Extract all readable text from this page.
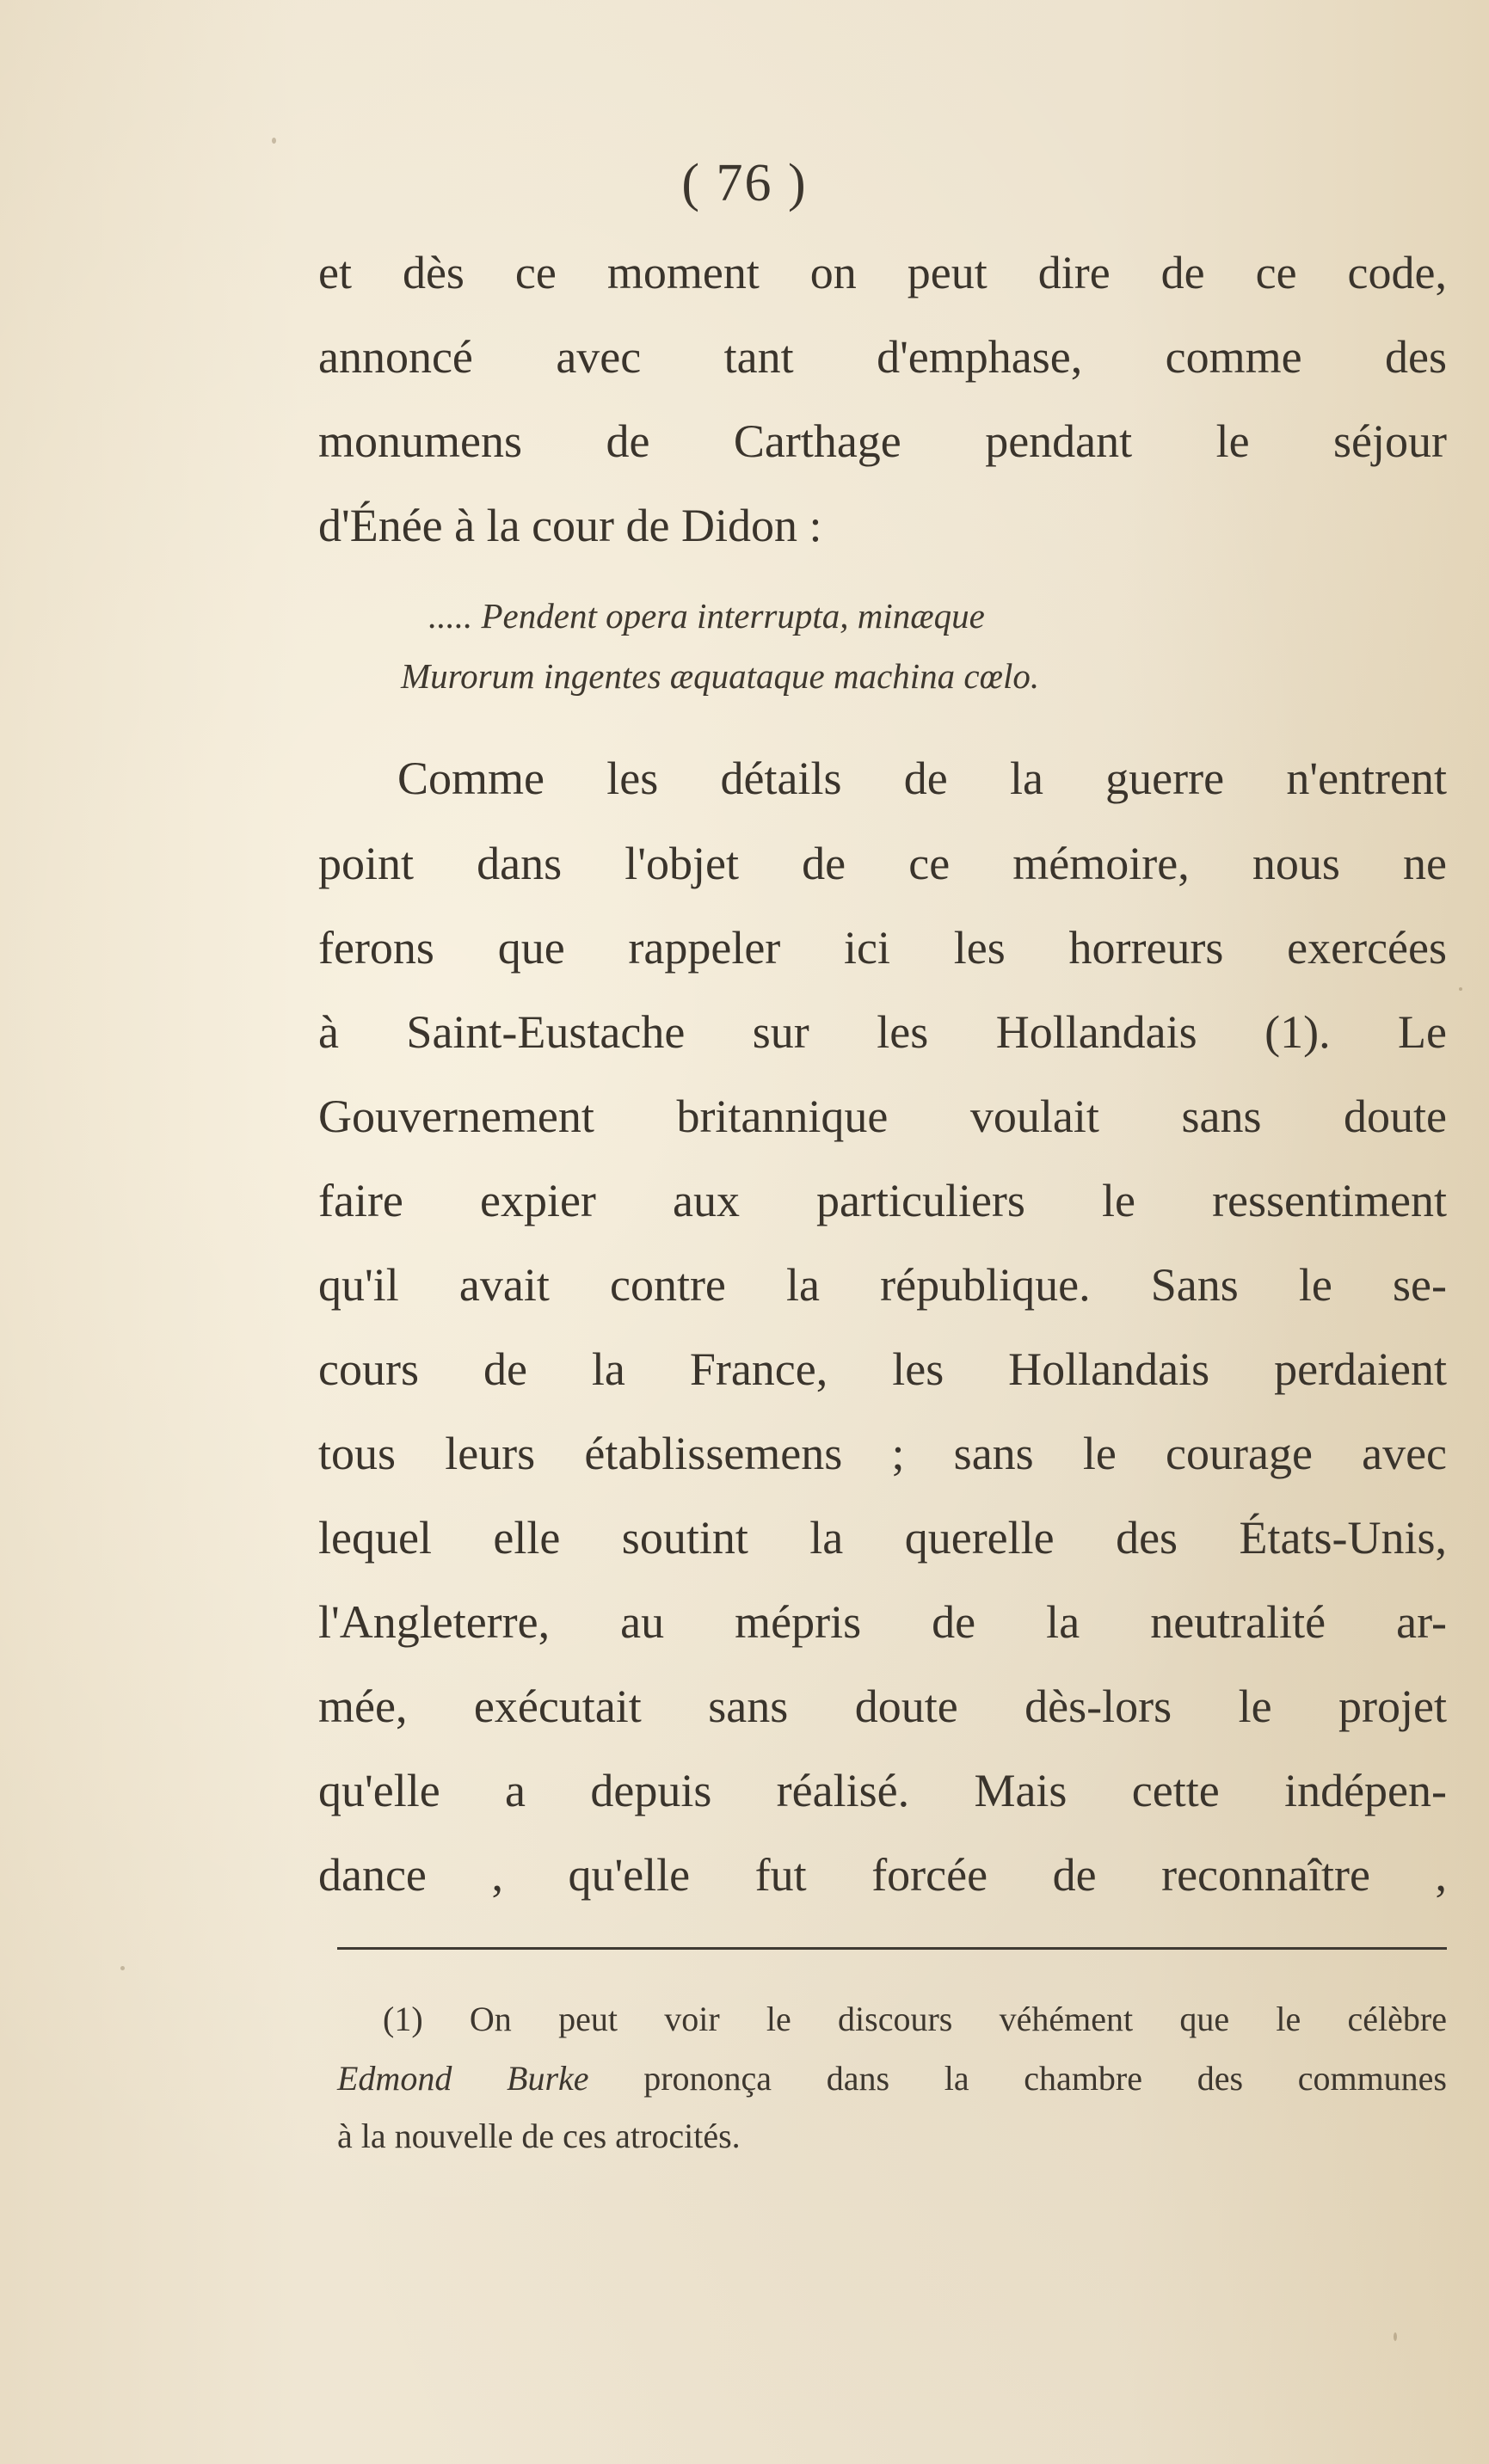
( 76 )
et dès ce moment on peut dire de ce code,
annoncé avec tant d'emphase, comme des
monumens de Carthage pendant le séjour
d'Énée à la cour de Didon :
..... Pendent opera interrupta, minæque
Murorum ingentes æquataque machina cœlo.
Comme les détails de la guerre n'entrent
point dans l'objet de ce mémoire, nous ne
ferons que rappeler ici les horreurs exercées
à Saint-Eustache sur les Hollandais (1). Le
Gouvernement britannique voulait sans doute
faire expier aux particuliers le ressentiment
qu'il avait contre la république. Sans le se-
cours de la France, les Hollandais perdaient
tous leurs établissemens ; sans le courage avec
lequel elle soutint la querelle des États-Unis,
l'Angleterre, au mépris de la neutralité ar-
mée, exécutait sans doute dès-lors le projet
qu'elle a depuis réalisé. Mais cette indépen-
dance , qu'elle fut forcée de reconnaître ,
(1) On peut voir le discours véhément que le célèbre
Edmond Burke prononça dans la chambre des communes
à la nouvelle de ces atrocités.
